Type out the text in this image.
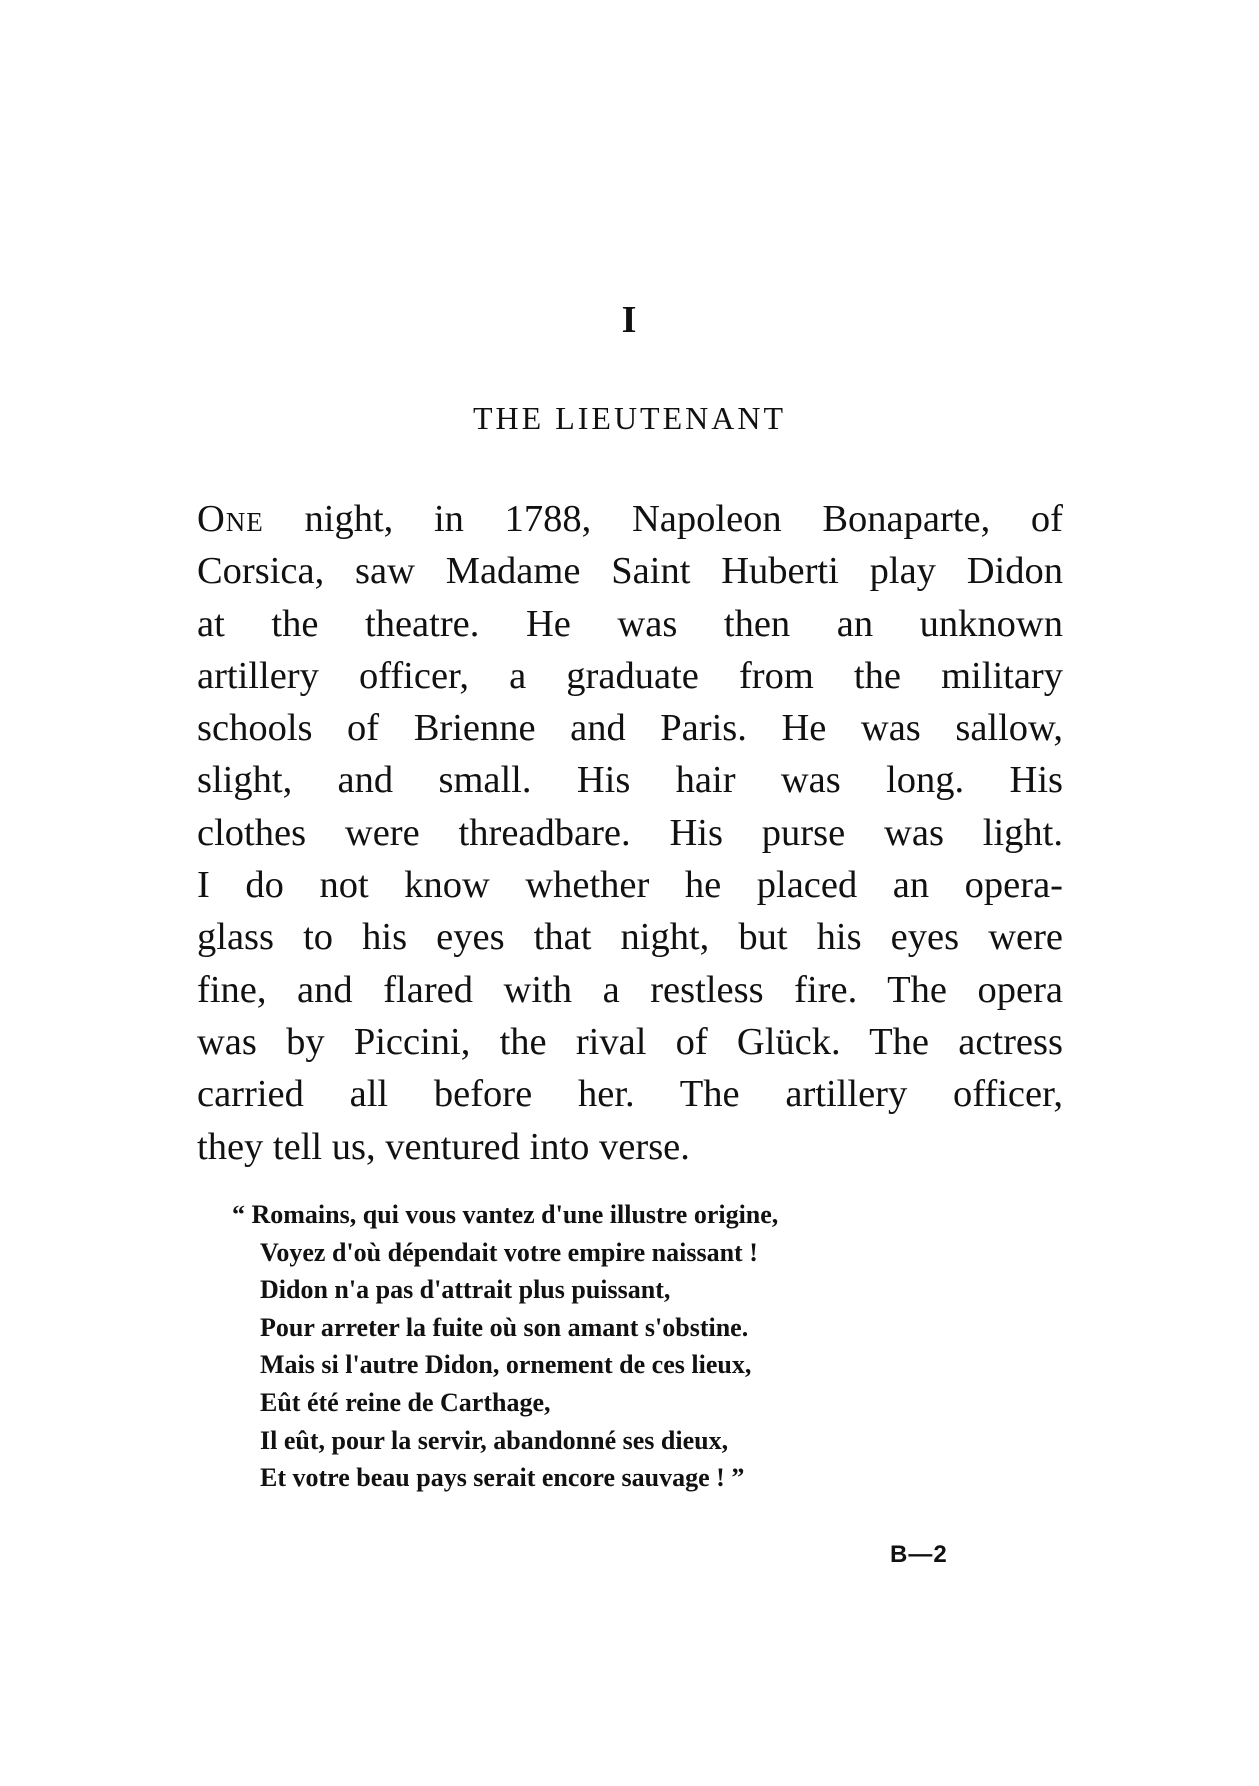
I
THE LIEUTENANT
One night, in 1788, Napoleon Bonaparte, of
Corsica, saw Madame Saint Huberti play Didon
at the theatre. He was then an unknown
artillery officer, a graduate from the military
schools of Brienne and Paris. He was sallow,
slight, and small. His hair was long. His
clothes were threadbare. His purse was light.
I do not know whether he placed an opera-
glass to his eyes that night, but his eyes were
fine, and flared with a restless fire. The opera
was by Piccini, the rival of Glück. The actress
carried all before her. The artillery officer,
they tell us, ventured into verse.
“ Romains, qui vous vantez d'une illustre origine,
Voyez d'où dépendait votre empire naissant !
Didon n'a pas d'attrait plus puissant,
Pour arreter la fuite où son amant s'obstine.
Mais si l'autre Didon, ornement de ces lieux,
Eût été reine de Carthage,
Il eût, pour la servir, abandonné ses dieux,
Et votre beau pays serait encore sauvage ! ”
B—2
